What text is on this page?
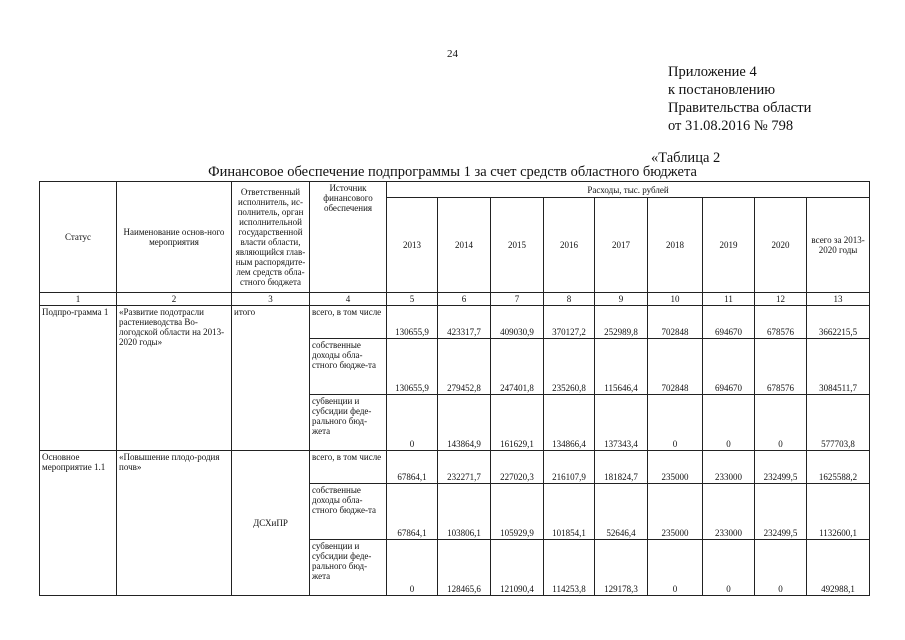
24
Приложение 4
к постановлению
Правительства области
от 31.08.2016 № 798
«Таблица 2
Финансовое обеспечение подпрограммы 1 за счет средств областного бюджета
Статус	Наименование основ-ного мероприятия	Ответственный исполнитель, ис-полнитель, орган исполнительной государственной власти области, являющийся глав-ным распорядите-лем средств обла-стного бюджета	Источник финансового обеспечения	Расходы, тыс. рублей								
				2013	2014	2015	2016	2017	2018	2019	2020	всего за 2013-2020 годы
1	2	3	4	5	6	7	8	9	10	11	12	13
Подпро-грамма 1	«Развитие подотрасли растениеводства Во-логодской области на 2013-2020 годы»	итого	всего, в том числе	130655,9	423317,7	409030,9	370127,2	252989,8	702848	694670	678576	3662215,5
			собственные доходы обла-стного бюдже-та	130655,9	279452,8	247401,8	235260,8	115646,4	702848	694670	678576	3084511,7
			субвенции и субсидии феде-рального бюд-жета	0	143864,9	161629,1	134866,4	137343,4	0	0	0	577703,8
Основное мероприятие 1.1	«Повышение плодо-родия почв»	ДСХиПР	всего, в том числе	67864,1	232271,7	227020,3	216107,9	181824,7	235000	233000	232499,5	1625588,2
			собственные доходы обла-стного бюдже-та	67864,1	103806,1	105929,9	101854,1	52646,4	235000	233000	232499,5	1132600,1
			субвенции и субсидии феде-рального бюд-жета	0	128465,6	121090,4	114253,8	129178,3	0	0	0	492988,1
